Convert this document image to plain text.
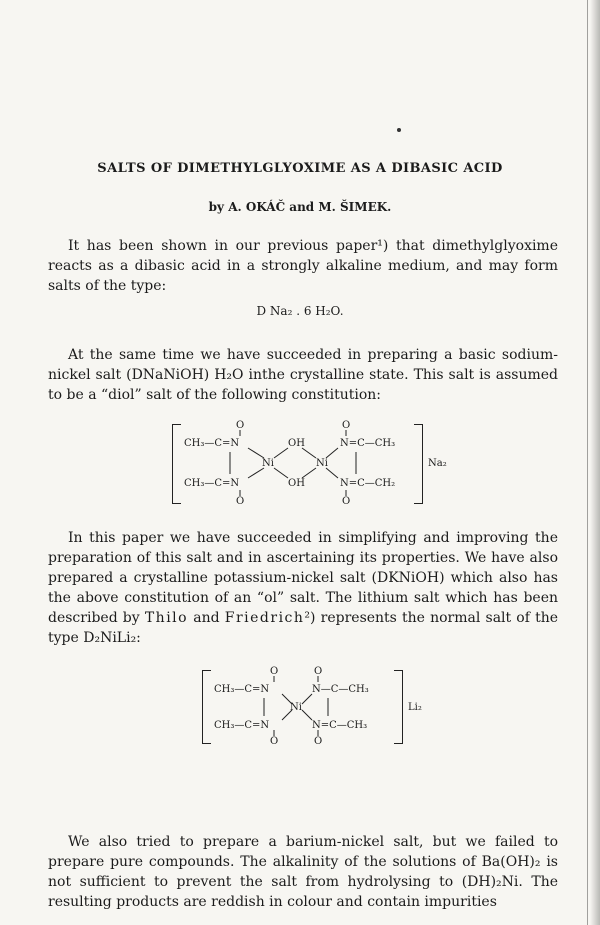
SALTS OF DIMETHYLGLYOXIME AS A DIBASIC ACID
by A. OKÁČ and M. ŠIMEK.

It has been shown in our previous paper¹) that dimethylglyoxime reacts as a dibasic acid in a strongly alkaline medium, and may form salts of the type:

D Na₂ . 6 H₂O.

At the same time we have succeeded in preparing a basic sodium-nickel salt (DNaNiOH) H₂O inthe crystalline state. This salt is assumed to be a “diol” salt of the following constitution:

O	O
CH₃—C=N	OH	N=C—CH₃
Ni	Ni	Na₂
CH₃—C=N	OH	N=C—CH₂
O	O

In this paper we have succeeded in simplifying and improving the preparation of this salt and in ascertaining its properties. We have also prepared a crystalline potassium-nickel salt (DKNiOH) which also has the above constitution of an “ol” salt. The lithium salt which has been described by Thilo and Friedrich²) represents the normal salt of the type D₂NiLi₂:

O	O
CH₃—C=N	N—C—CH₃
Ni	Li₂
CH₃—C=N	N=C—CH₃
O	O

We also tried to prepare a barium-nickel salt, but we failed to prepare pure compounds. The alkalinity of the solutions of Ba(OH)₂ is not sufficient to prevent the salt from hydrolysing to (DH)₂Ni. The resulting products are reddish in colour and contain impurities
